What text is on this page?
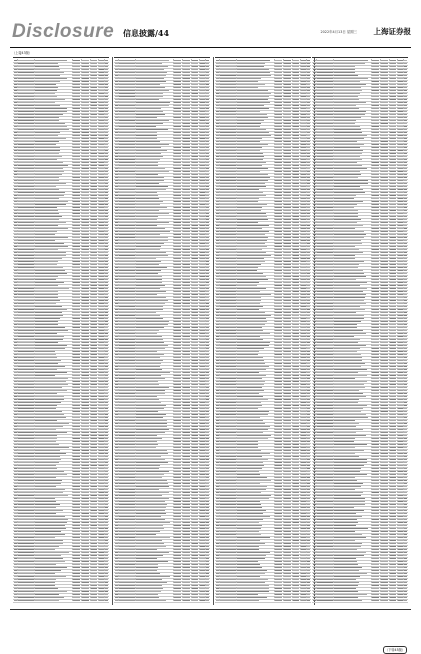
Disclosure 信息披露/44	2022年4月13日 星期三 上海证券报
（上接43版）
（下转45版）
